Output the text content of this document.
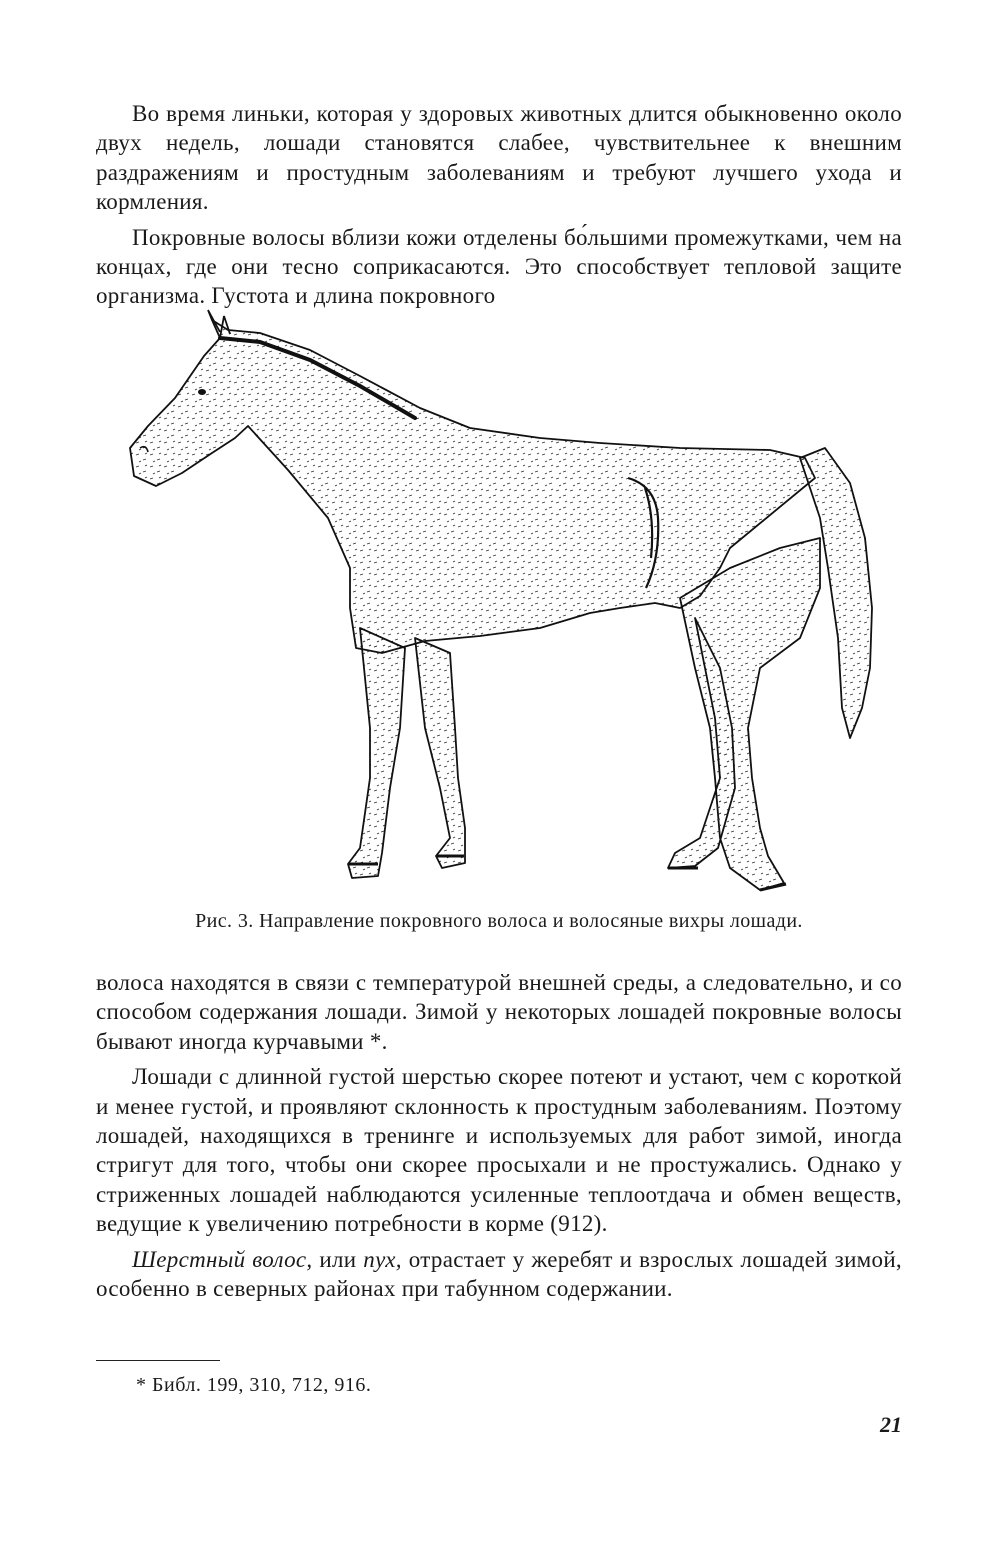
Во время линьки, которая у здоровых животных длится обыкновенно около двух недель, лошади становятся слабее, чувствительнее к внешним раздражениям и простудным заболеваниям и требуют лучшего ухода и кормления.

Покровные волосы вблизи кожи отделены бо́льшими промежутками, чем на концах, где они тесно соприкасаются. Это способствует тепловой защите организма. Густота и длина покровного

Рис. 3. Направление покровного волоса и волосяные вихры лошади.

волоса находятся в связи с температурой внешней среды, а следовательно, и со способом содержания лошади. Зимой у некоторых лошадей покровные волосы бывают иногда курчавыми *.

Лошади с длинной густой шерстью скорее потеют и устают, чем с короткой и менее густой, и проявляют склонность к простудным заболеваниям. Поэтому лошадей, находящихся в тренинге и используемых для работ зимой, иногда стригут для того, чтобы они скорее просыхали и не простужались. Однако у стриженных лошадей наблюдаются усиленные теплоотдача и обмен веществ, ведущие к увеличению потребности в корме (912).

Шерстный волос, или пух, отрастает у жеребят и взрослых лошадей зимой, особенно в северных районах при табунном содержании.

* Библ. 199, 310, 712, 916.
21
